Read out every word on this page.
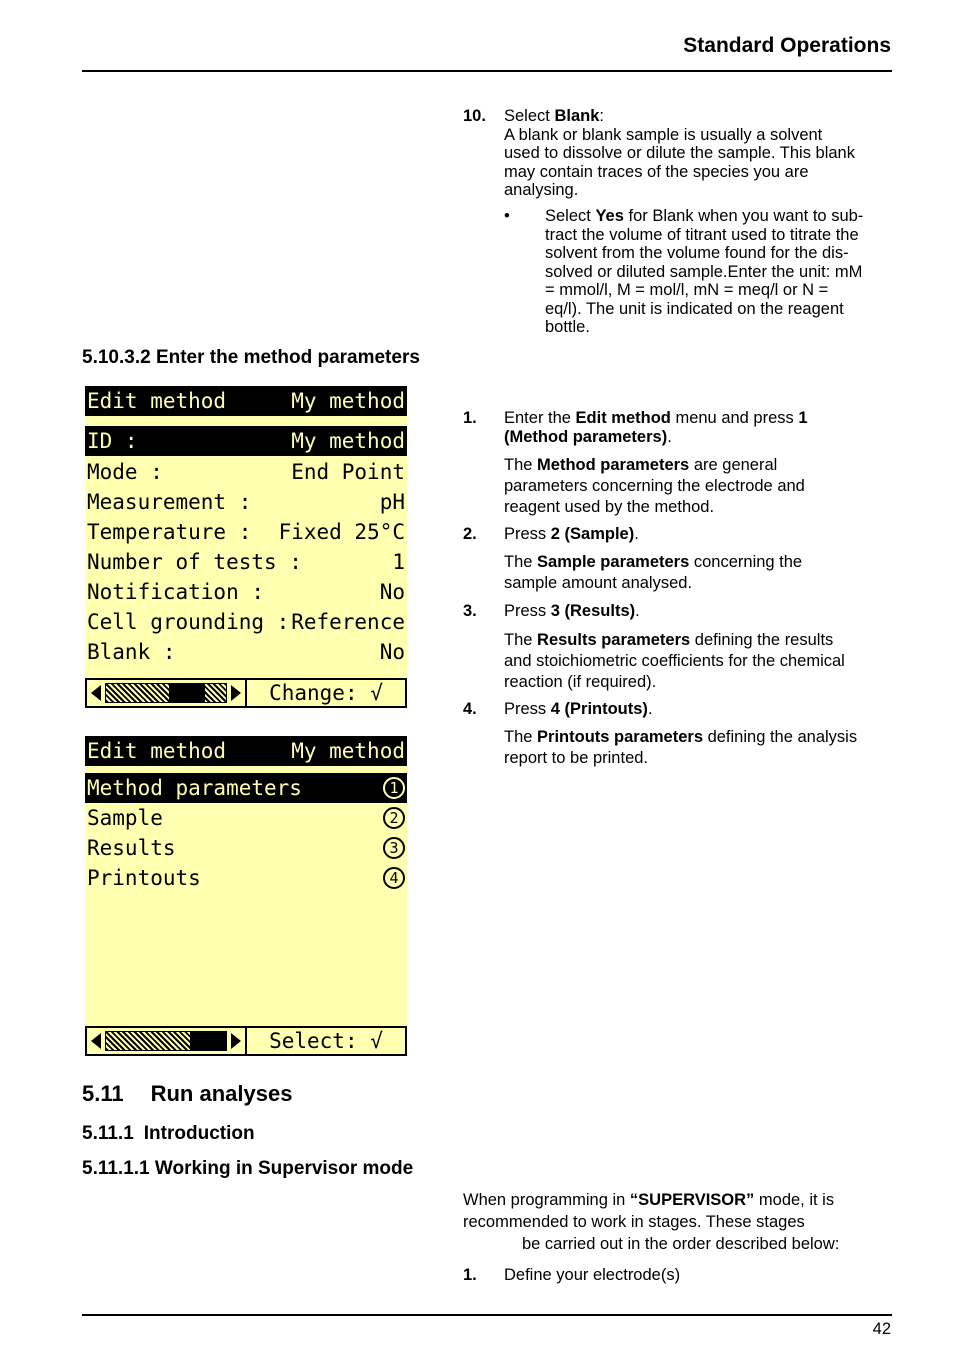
Standard Operations
10. Select Blank:
A blank or blank sample is usually a solvent
used to dissolve or dilute the sample. This blank
may contain traces of the species you are
analysing.
• Select Yes for Blank when you want to sub-
tract the volume of titrant used to titrate the
solvent from the volume found for the dis-
solved or diluted sample.Enter the unit: mM
= mmol/l, M = mol/l, mN = meq/l or N =
eq/l). The unit is indicated on the reagent
bottle.
5.10.3.2 Enter the method parameters
Edit method	My method
ID :	My method
Mode :	End Point
Measurement :	pH
Temperature : Fixed 25°C
Number of tests :	1
Notification :	No
Cell grounding : Reference
Blank :	No
Change: √
Edit method	My method
Method parameters	1
Sample	2
Results	3
Printouts	4
Select: √
1. Enter the Edit method menu and press 1
(Method parameters).
The Method parameters are general
parameters concerning the electrode and
reagent used by the method.
2. Press 2 (Sample).
The Sample parameters concerning the
sample amount analysed.
3. Press 3 (Results).
The Results parameters defining the results
and stoichiometric coefficients for the chemical
reaction (if required).
4. Press 4 (Printouts).
The Printouts parameters defining the analysis
report to be printed.
5.11 Run analyses
5.11.1 Introduction
5.11.1.1 Working in Supervisor mode
When programming in “SUPERVISOR” mode, it is
recommended to work in stages. These stages
be carried out in the order described below:
1. Define your electrode(s)
42
